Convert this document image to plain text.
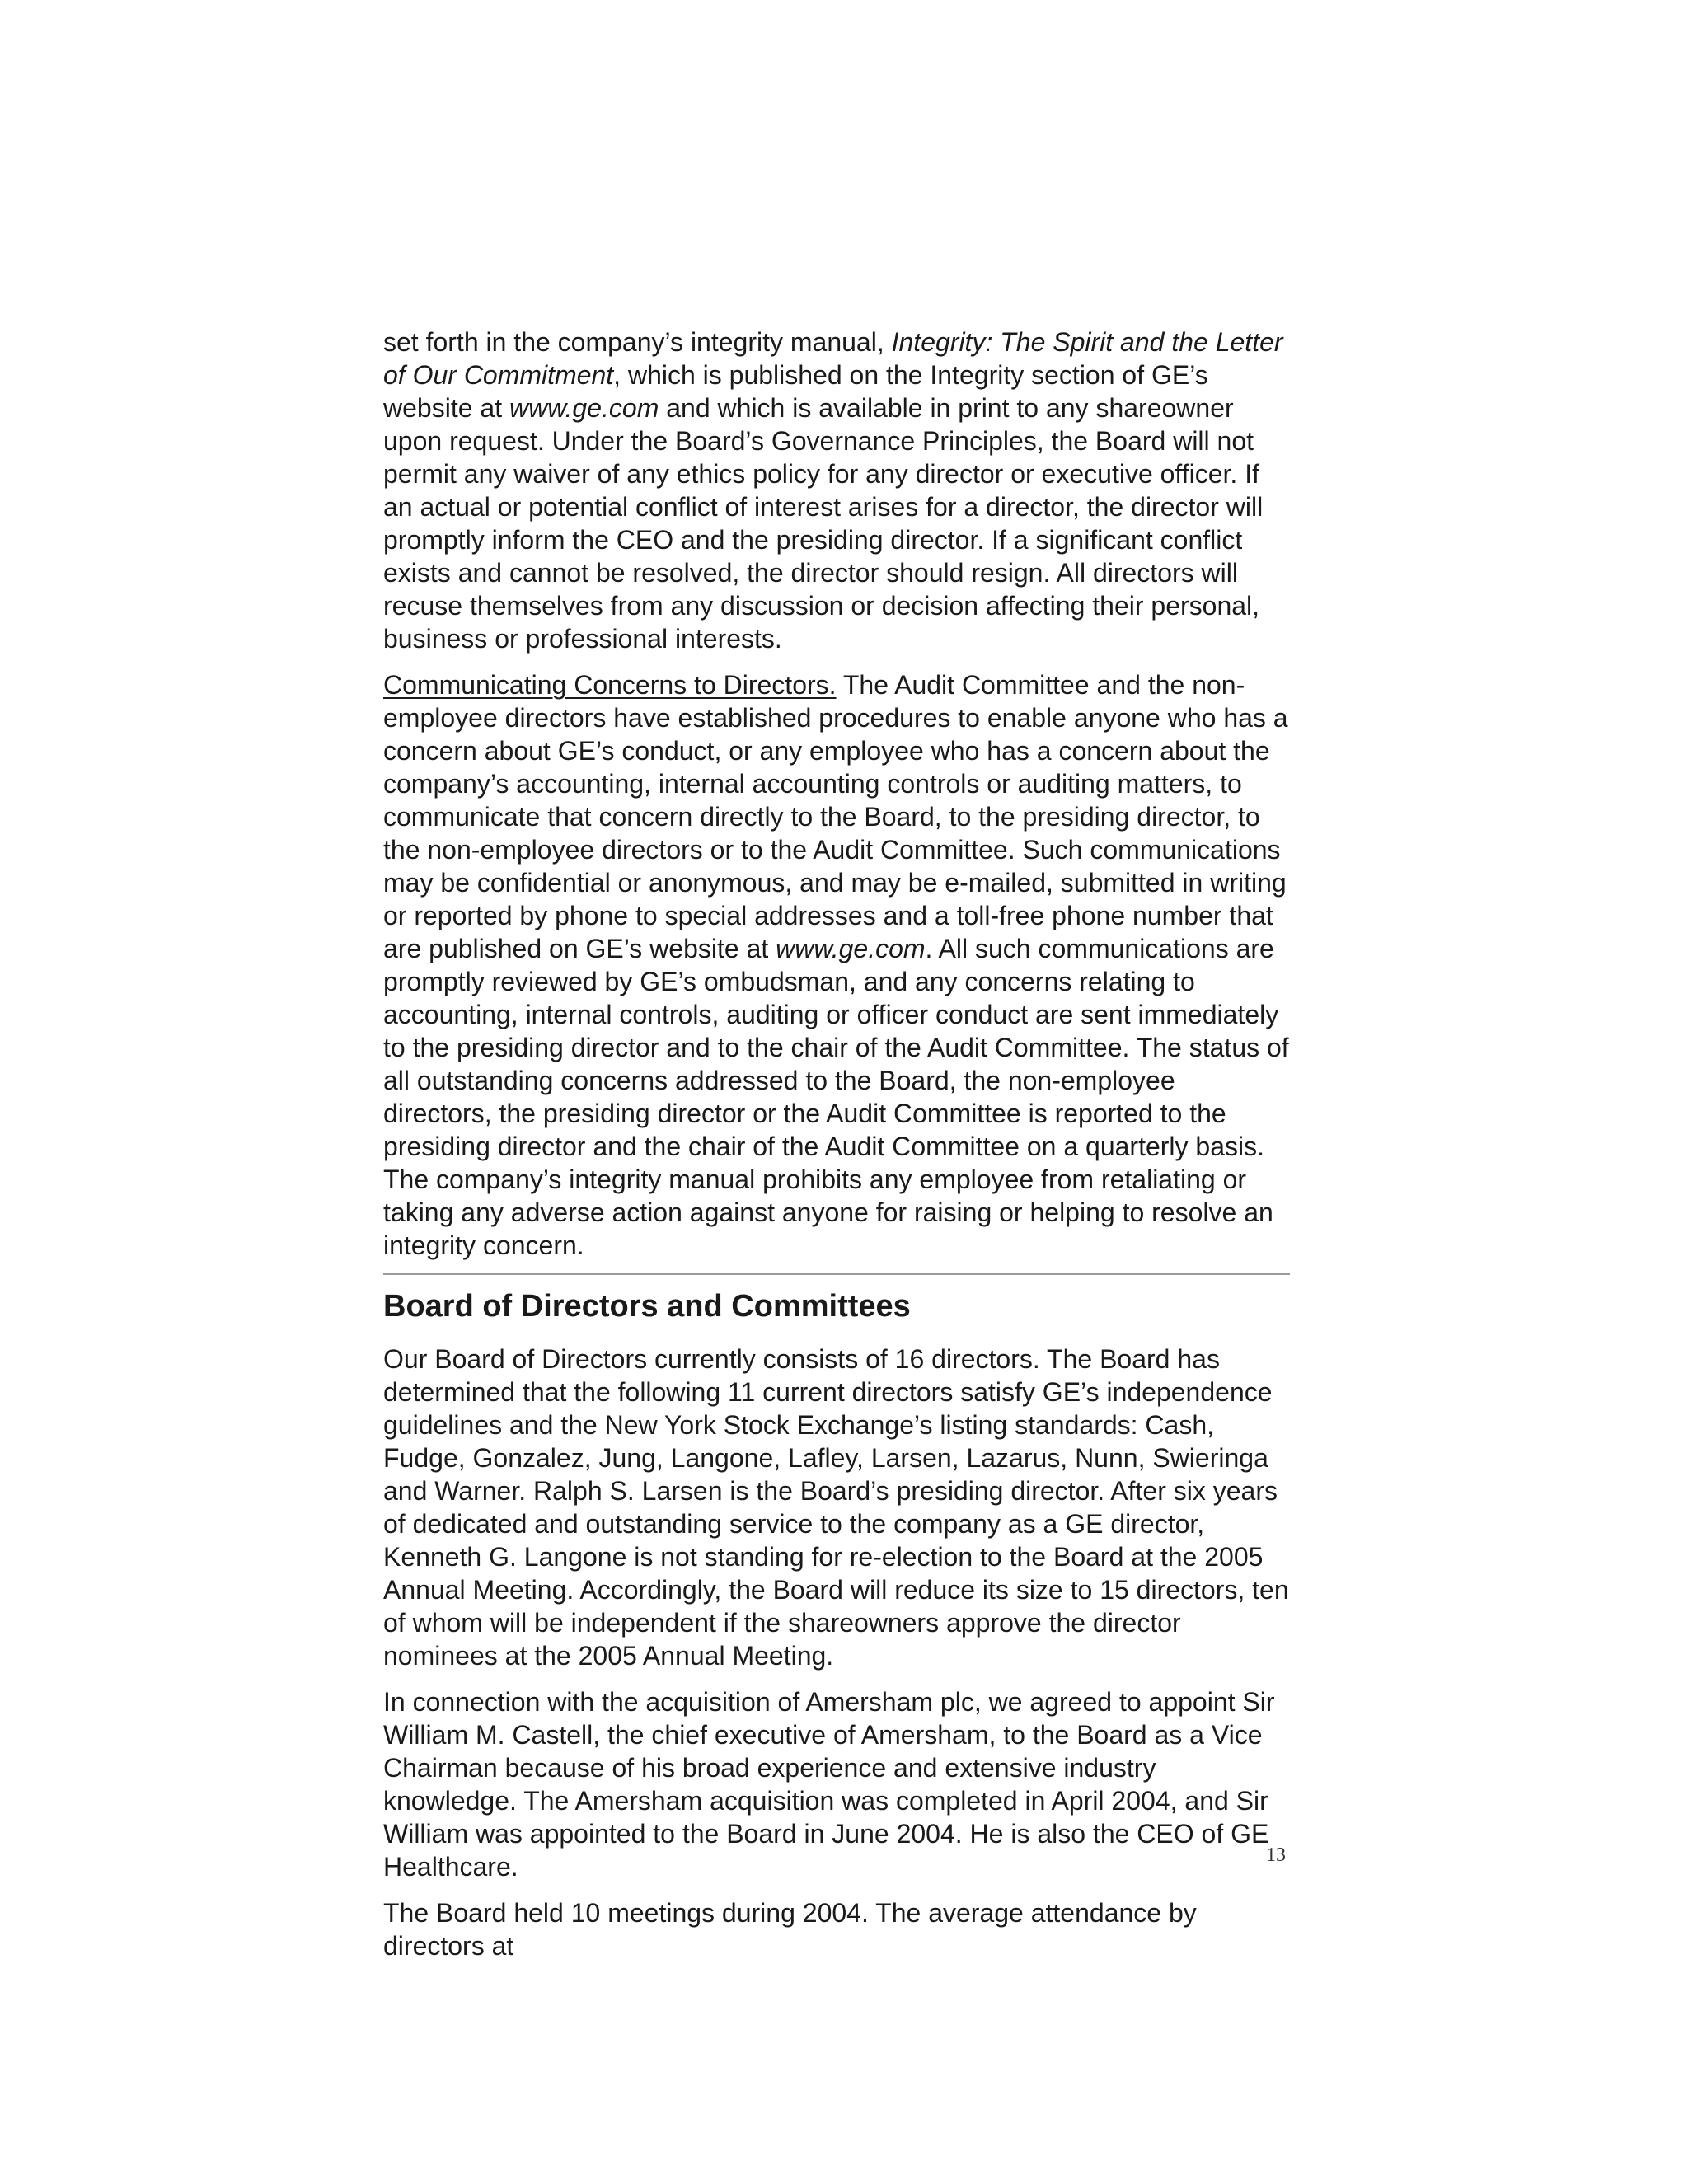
set forth in the company’s integrity manual, Integrity: The Spirit and the Letter of Our Commitment, which is published on the Integrity section of GE’s website at www.ge.com and which is available in print to any shareowner upon request. Under the Board’s Governance Principles, the Board will not permit any waiver of any ethics policy for any director or executive officer. If an actual or potential conflict of interest arises for a director, the director will promptly inform the CEO and the presiding director. If a significant conflict exists and cannot be resolved, the director should resign. All directors will recuse themselves from any discussion or decision affecting their personal, business or professional interests.

Communicating Concerns to Directors. The Audit Committee and the non-employee directors have established procedures to enable anyone who has a concern about GE’s conduct, or any employee who has a concern about the company’s accounting, internal accounting controls or auditing matters, to communicate that concern directly to the Board, to the presiding director, to the non-employee directors or to the Audit Committee. Such communications may be confidential or anonymous, and may be e-mailed, submitted in writing or reported by phone to special addresses and a toll-free phone number that are published on GE’s website at www.ge.com. All such communications are promptly reviewed by GE’s ombudsman, and any concerns relating to accounting, internal controls, auditing or officer conduct are sent immediately to the presiding director and to the chair of the Audit Committee. The status of all outstanding concerns addressed to the Board, the non-employee directors, the presiding director or the Audit Committee is reported to the presiding director and the chair of the Audit Committee on a quarterly basis. The company’s integrity manual prohibits any employee from retaliating or taking any adverse action against anyone for raising or helping to resolve an integrity concern.

Board of Directors and Committees

Our Board of Directors currently consists of 16 directors. The Board has determined that the following 11 current directors satisfy GE’s independence guidelines and the New York Stock Exchange’s listing standards: Cash, Fudge, Gonzalez, Jung, Langone, Lafley, Larsen, Lazarus, Nunn, Swieringa and Warner. Ralph S. Larsen is the Board’s presiding director. After six years of dedicated and outstanding service to the company as a GE director, Kenneth G. Langone is not standing for re-election to the Board at the 2005 Annual Meeting. Accordingly, the Board will reduce its size to 15 directors, ten of whom will be independent if the shareowners approve the director nominees at the 2005 Annual Meeting.

In connection with the acquisition of Amersham plc, we agreed to appoint Sir William M. Castell, the chief executive of Amersham, to the Board as a Vice Chairman because of his broad experience and extensive industry knowledge. The Amersham acquisition was completed in April 2004, and Sir William was appointed to the Board in June 2004. He is also the CEO of GE Healthcare.

The Board held 10 meetings during 2004. The average attendance by directors at

13
